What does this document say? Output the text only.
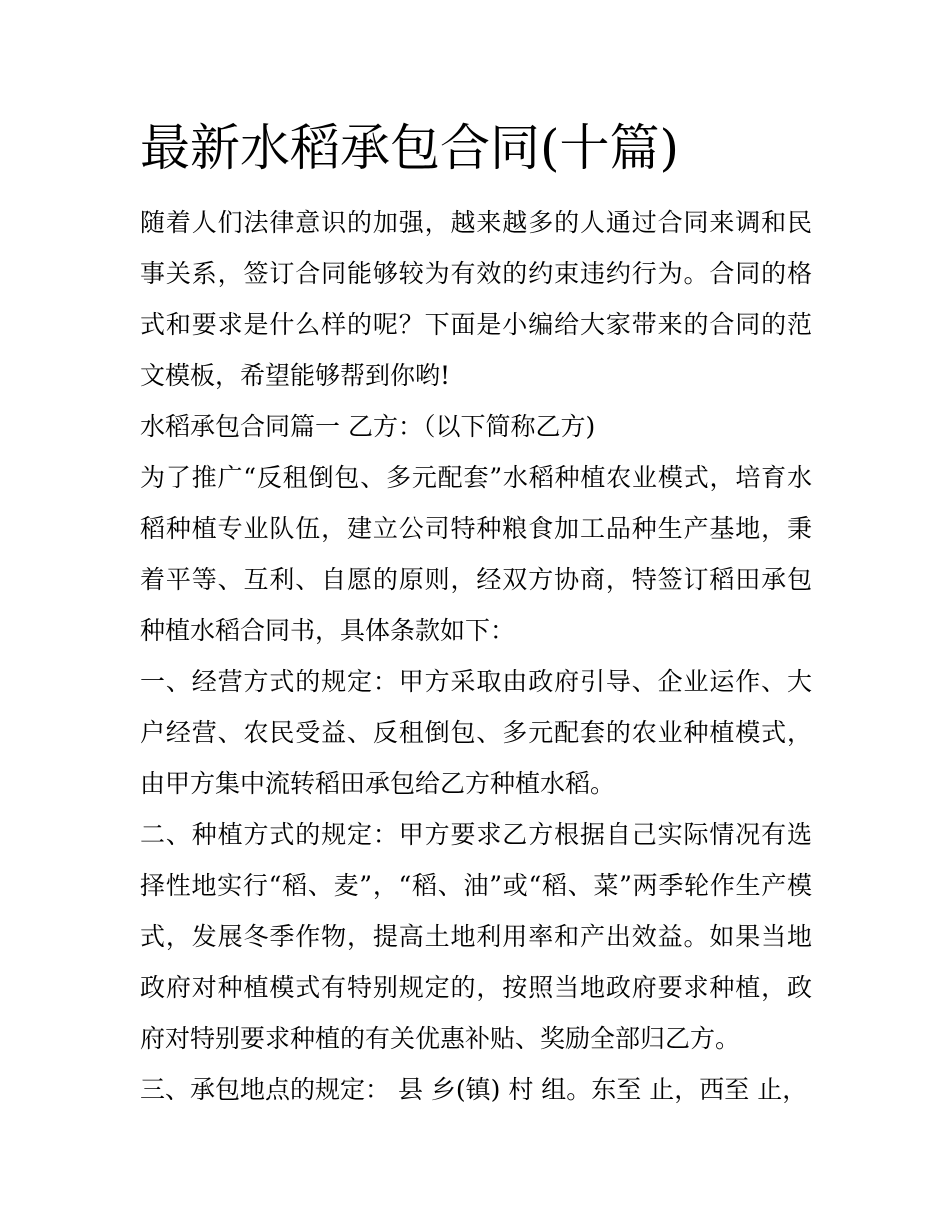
最新水稻承包合同(十篇)

随着人们法律意识的加强，越来越多的人通过合同来调和民事关系，签订合同能够较为有效的约束违约行为。合同的格式和要求是什么样的呢？下面是小编给大家带来的合同的范文模板，希望能够帮到你哟!

水稻承包合同篇一 乙方：（以下简称乙方)

为了推广“反租倒包、多元配套”水稻种植农业模式，培育水稻种植专业队伍，建立公司特种粮食加工品种生产基地，秉着平等、互利、自愿的原则，经双方协商，特签订稻田承包种植水稻合同书，具体条款如下：

一、经营方式的规定：甲方采取由政府引导、企业运作、大户经营、农民受益、反租倒包、多元配套的农业种植模式，由甲方集中流转稻田承包给乙方种植水稻。

二、种植方式的规定：甲方要求乙方根据自己实际情况有选择性地实行“稻、麦”，“稻、油”或“稻、菜”两季轮作生产模式，发展冬季作物，提高土地利用率和产出效益。如果当地政府对种植模式有特别规定的，按照当地政府要求种植，政府对特别要求种植的有关优惠补贴、奖励全部归乙方。

三、承包地点的规定： 县 乡(镇) 村 组。东至 止，西至 止，
